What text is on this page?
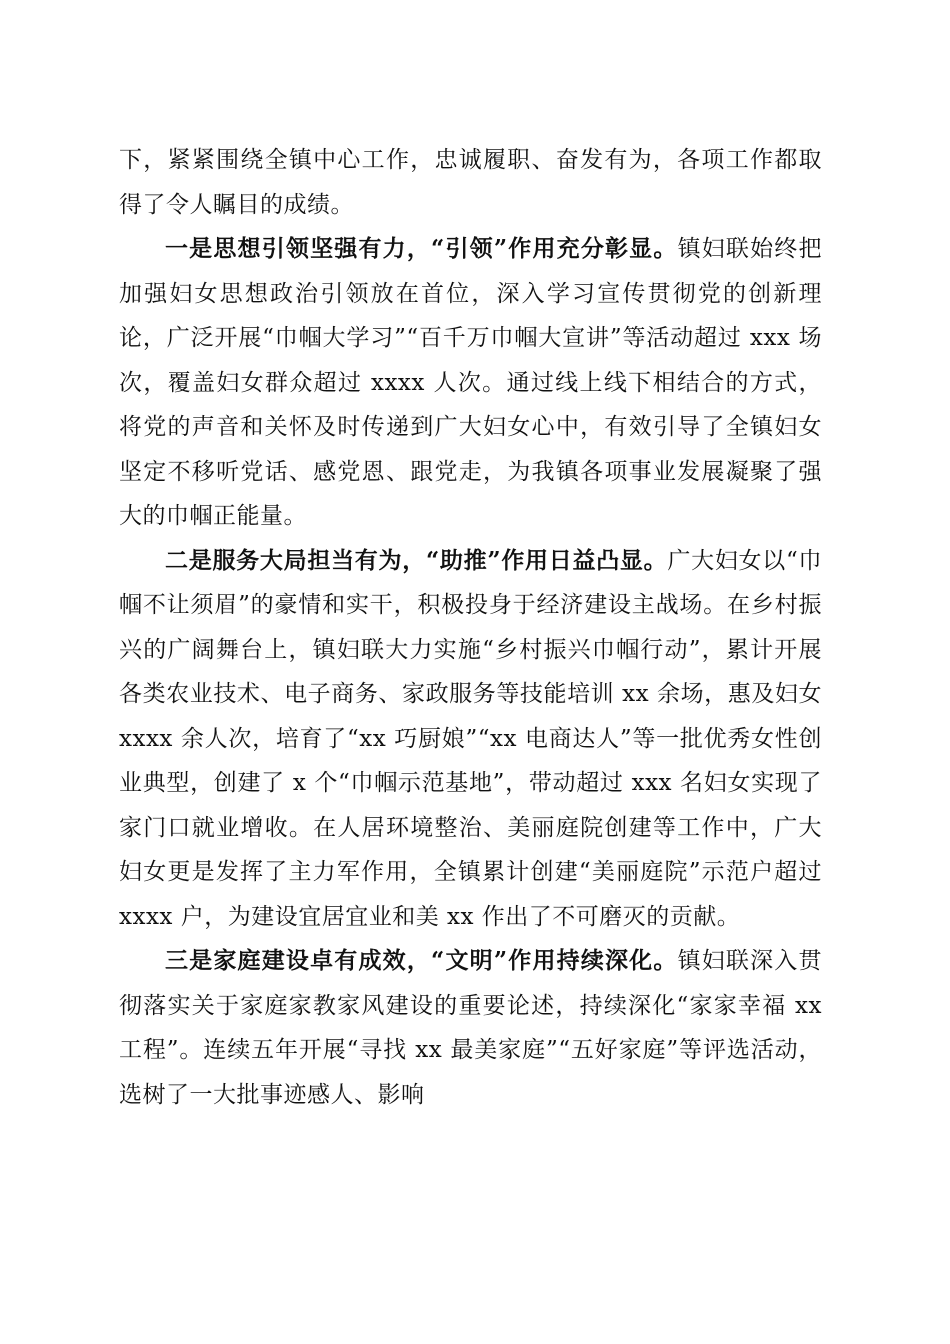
下，紧紧围绕全镇中心工作，忠诚履职、奋发有为，各项工作都取得了令人瞩目的成绩。

一是思想引领坚强有力，“引领”作用充分彰显。镇妇联始终把加强妇女思想政治引领放在首位，深入学习宣传贯彻党的创新理论，广泛开展“巾帼大学习”“百千万巾帼大宣讲”等活动超过 xxx 场次，覆盖妇女群众超过 xxxx 人次。通过线上线下相结合的方式，将党的声音和关怀及时传递到广大妇女心中，有效引导了全镇妇女坚定不移听党话、感党恩、跟党走，为我镇各项事业发展凝聚了强大的巾帼正能量。

二是服务大局担当有为，“助推”作用日益凸显。广大妇女以“巾帼不让须眉”的豪情和实干，积极投身于经济建设主战场。在乡村振兴的广阔舞台上，镇妇联大力实施“乡村振兴巾帼行动”，累计开展各类农业技术、电子商务、家政服务等技能培训 xx 余场，惠及妇女 xxxx 余人次，培育了“xx 巧厨娘”“xx 电商达人”等一批优秀女性创业典型，创建了 x 个“巾帼示范基地”，带动超过 xxx 名妇女实现了家门口就业增收。在人居环境整治、美丽庭院创建等工作中，广大妇女更是发挥了主力军作用，全镇累计创建“美丽庭院”示范户超过 xxxx 户，为建设宜居宜业和美 xx 作出了不可磨灭的贡献。

三是家庭建设卓有成效，“文明”作用持续深化。镇妇联深入贯彻落实关于家庭家教家风建设的重要论述，持续深化“家家幸福 xx 工程”。连续五年开展“寻找 xx 最美家庭”“五好家庭”等评选活动，选树了一大批事迹感人、影响
